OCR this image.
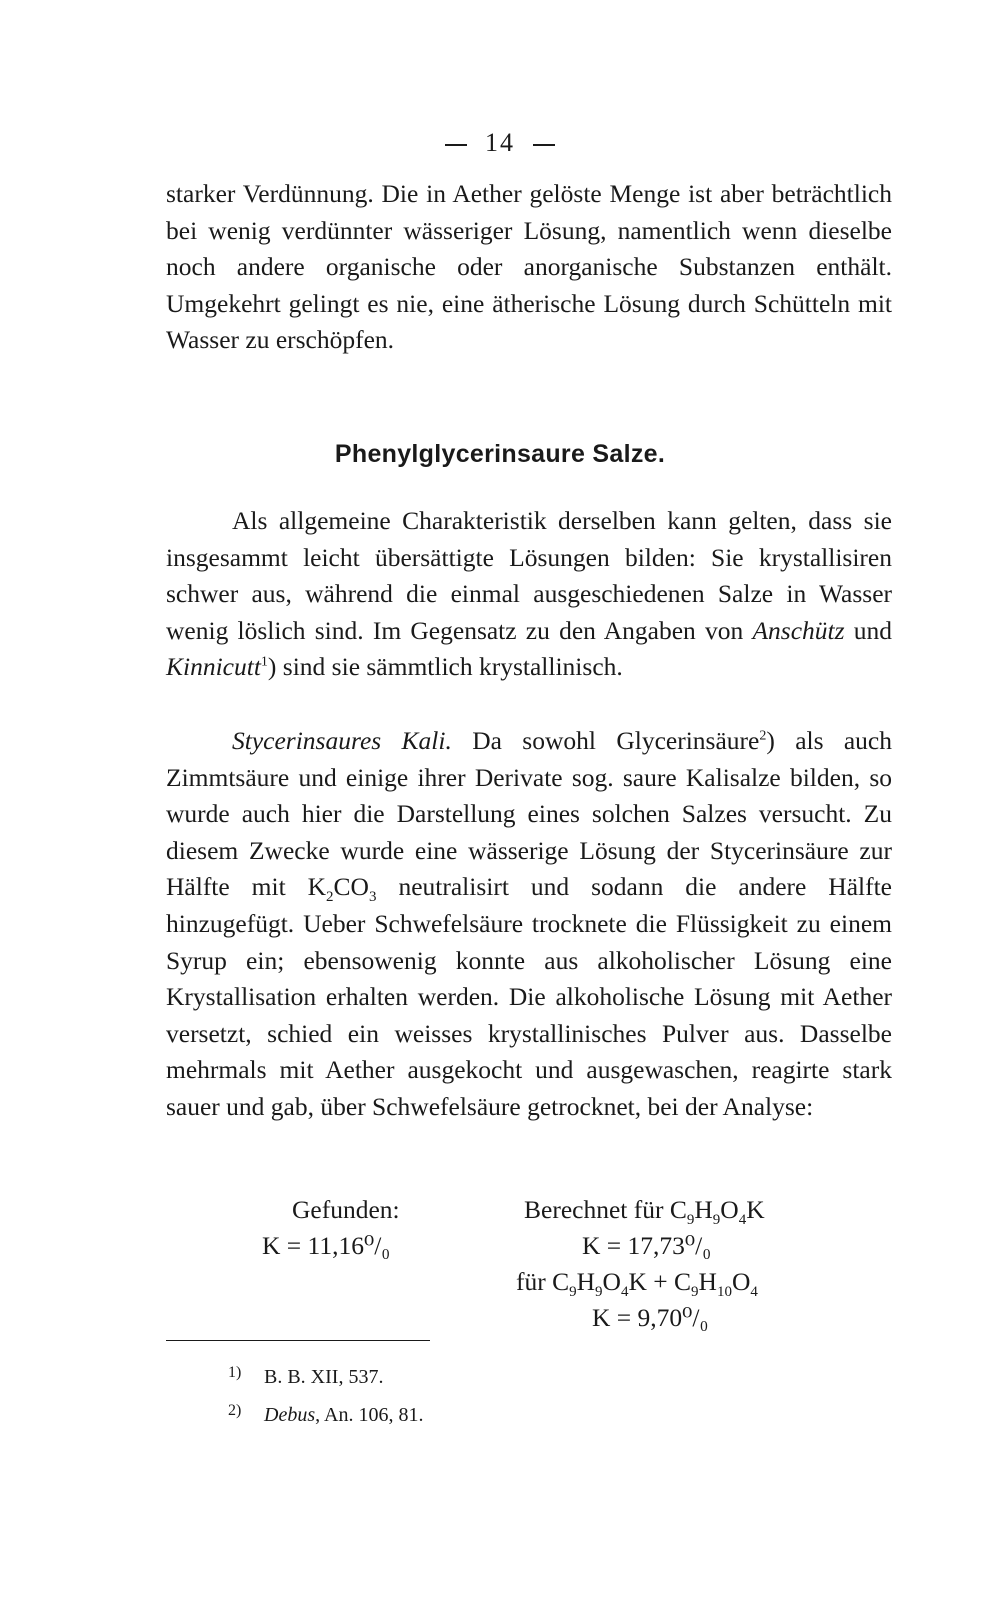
14
starker Verdünnung. Die in Aether gelöste Menge ist aber beträchtlich bei wenig verdünnter wässeriger Lösung, namentlich wenn dieselbe noch andere organische oder anorganische Substanzen enthält. Umgekehrt gelingt es nie, eine ätherische Lösung durch Schütteln mit Wasser zu erschöpfen.
Phenylglycerinsaure Salze.
Als allgemeine Charakteristik derselben kann gelten, dass sie insgesammt leicht übersättigte Lösungen bilden: Sie krystallisiren schwer aus, während die einmal ausgeschiedenen Salze in Wasser wenig löslich sind. Im Gegensatz zu den Angaben von Anschütz und Kinnicutt$^1$) sind sie sämmtlich krystallinisch.
Stycerinsaures Kali. Da sowohl Glycerinsäure$^2$) als auch Zimmtsäure und einige ihrer Derivate sog. saure Kalisalze bilden, so wurde auch hier die Darstellung eines solchen Salzes versucht. Zu diesem Zwecke wurde eine wässerige Lösung der Stycerinsäure zur Hälfte mit $K_2CO_3$ neutralisirt und sodann die andere Hälfte hinzugefügt. Ueber Schwefelsäure trocknete die Flüssigkeit zu einem Syrup ein; ebensowenig konnte aus alkoholischer Lösung eine Krystallisation erhalten werden. Die alkoholische Lösung mit Aether versetzt, schied ein weisses krystallinisches Pulver aus. Dasselbe mehrmals mit Aether ausgekocht und ausgewaschen, reagirte stark sauer und gab, über Schwefelsäure getrocknet, bei der Analyse:
Gefunden:
K = 11,16⁰/₀
Berechnet für $C_9H_9O_4K$
K = 17,73⁰/₀
für $C_9H_9O_4K + C_9H_{10}O_4$
K = 9,70⁰/₀
1) B. B. XII, 537.
2) Debus, An. 106, 81.
